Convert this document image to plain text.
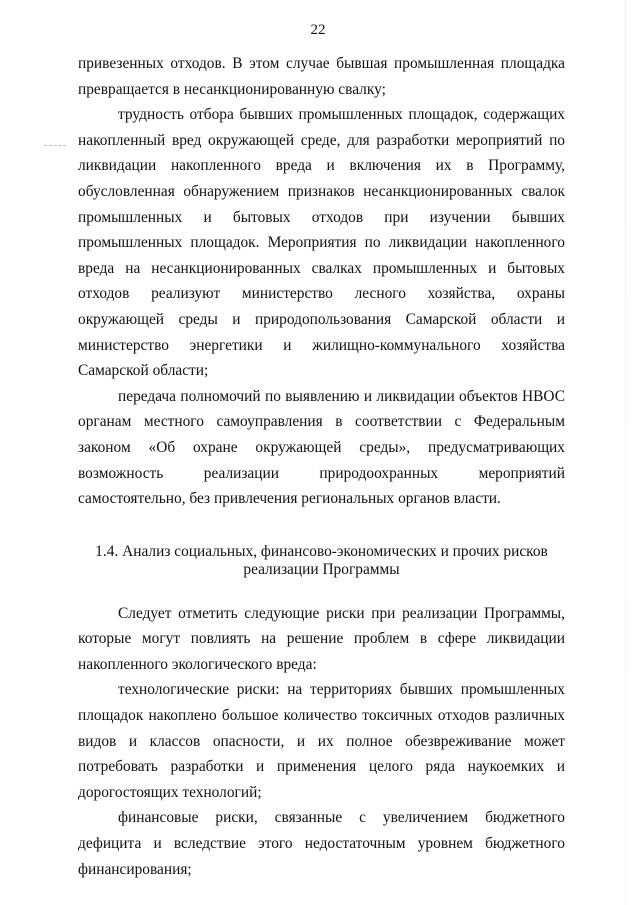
22

привезенных отходов. В этом случае бывшая промышленная площадка превращается в несанкционированную свалку;

трудность отбора бывших промышленных площадок, содержащих накопленный вред окружающей среде, для разработки мероприятий по ликвидации накопленного вреда и включения их в Программу, обусловленная обнаружением признаков несанкционированных свалок промышленных и бытовых отходов при изучении бывших промышленных площадок. Мероприятия по ликвидации накопленного вреда на несанкционированных свалках промышленных и бытовых отходов реализуют министерство лесного хозяйства, охраны окружающей среды и природопользования Самарской области и министерство энергетики и жилищно-коммунального хозяйства Самарской области;

передача полномочий по выявлению и ликвидации объектов НВОС органам местного самоуправления в соответствии с Федеральным законом «Об охране окружающей среды», предусматривающих возможность реализации природоохранных мероприятий самостоятельно, без привлечения региональных органов власти.

1.4. Анализ социальных, финансово-экономических и прочих рисков
реализации Программы

Следует отметить следующие риски при реализации Программы, которые могут повлиять на решение проблем в сфере ликвидации накопленного экологического вреда:

технологические риски: на территориях бывших промышленных площадок накоплено большое количество токсичных отходов различных видов и классов опасности, и их полное обезвреживание может потребовать разработки и применения целого ряда наукоемких и дорогостоящих технологий;

финансовые риски, связанные с увеличением бюджетного дефицита и вследствие этого недостаточным уровнем бюджетного финансирования;
